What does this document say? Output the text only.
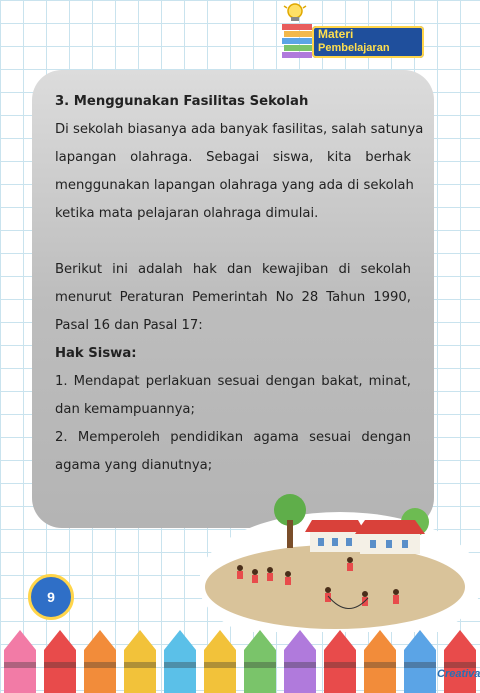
Materi
Pembelajaran
3. Menggunakan Fasilitas Sekolah
Di sekolah biasanya ada banyak fasilitas, salah satunya
lapangan olahraga. Sebagai siswa, kita berhak
menggunakan lapangan olahraga yang ada di sekolah
ketika mata pelajaran olahraga dimulai.
Berikut ini adalah hak dan kewajiban di sekolah
menurut Peraturan Pemerintah No 28 Tahun 1990,
Pasal 16 dan Pasal 17:
Hak Siswa:
1. Mendapat perlakuan sesuai dengan bakat, minat,
dan kemampuannya;
2. Memperoleh pendidikan agama sesuai dengan
agama yang dianutnya;
9
Creativa
